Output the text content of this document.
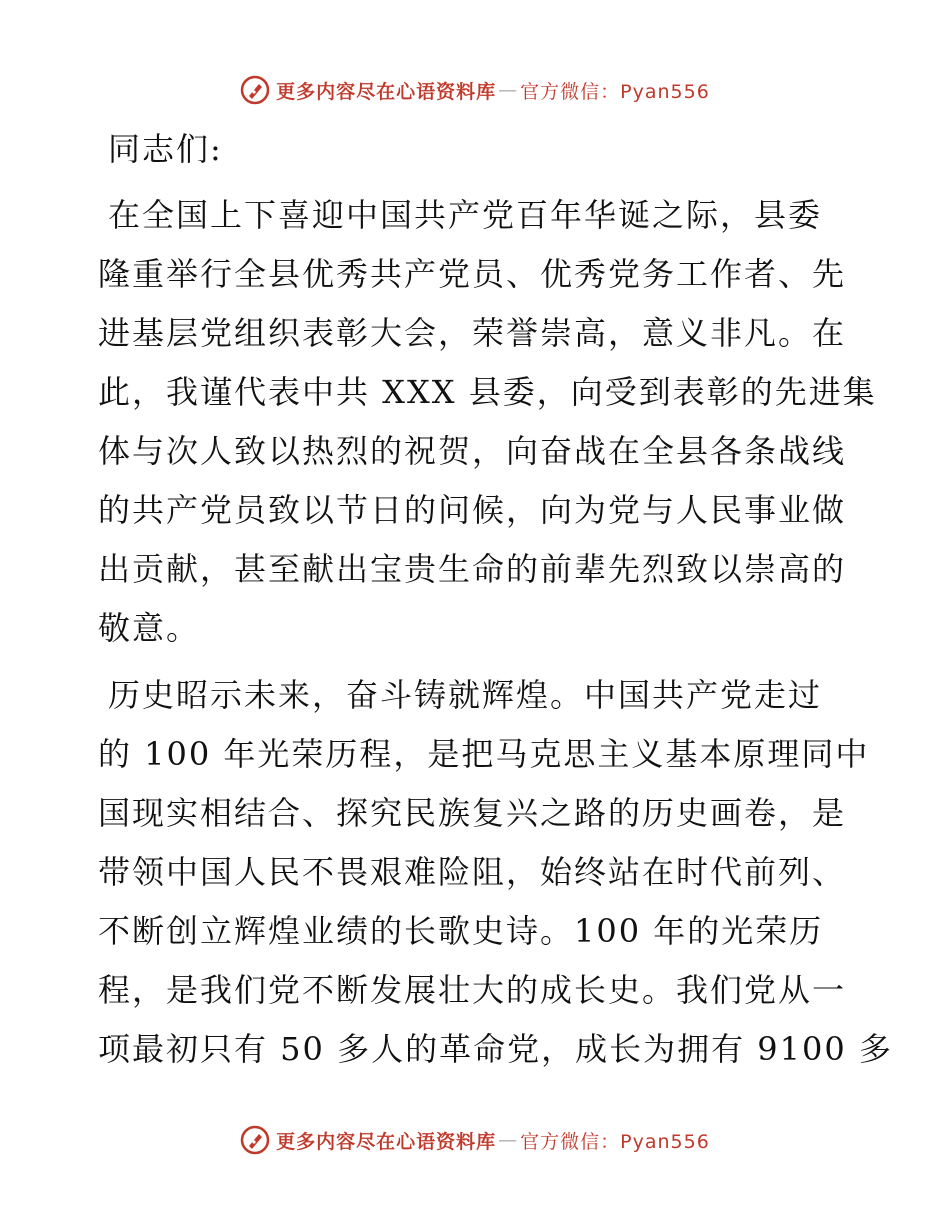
更多内容尽在心语资料库 — 官方微信：Pyan556
同志们:
在全国上下喜迎中国共产党百年华诞之际，县委
隆重举行全县优秀共产党员、优秀党务工作者、先
进基层党组织表彰大会，荣誉崇高，意义非凡。在
此，我谨代表中共 XXX 县委，向受到表彰的先进集
体与次人致以热烈的祝贺，向奋战在全县各条战线
的共产党员致以节日的问候，向为党与人民事业做
出贡献，甚至献出宝贵生命的前辈先烈致以崇高的
敬意。
历史昭示未来，奋斗铸就辉煌。中国共产党走过
的 100 年光荣历程，是把马克思主义基本原理同中
国现实相结合、探究民族复兴之路的历史画卷，是
带领中国人民不畏艰难险阻，始终站在时代前列、
不断创立辉煌业绩的长歌史诗。100 年的光荣历
程，是我们党不断发展壮大的成长史。我们党从一
项最初只有 50 多人的革命党，成长为拥有 9100 多
更多内容尽在心语资料库 — 官方微信：Pyan556
